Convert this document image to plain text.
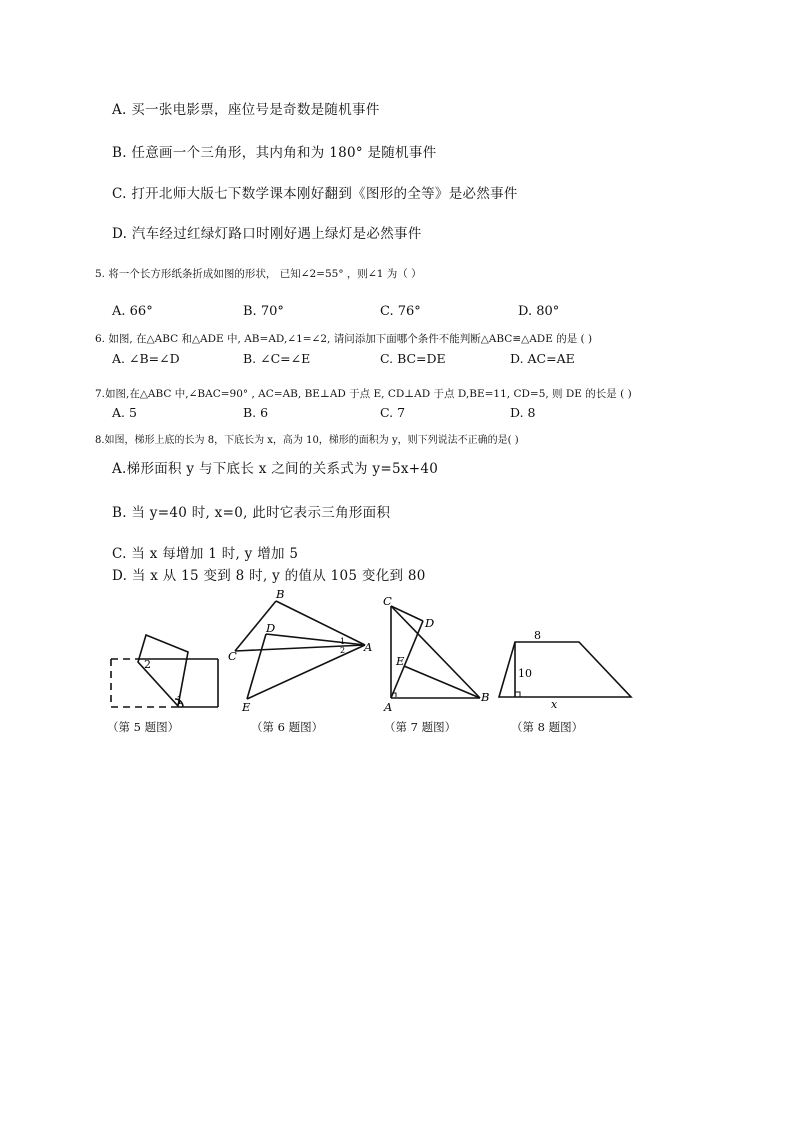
A. 买一张电影票，座位号是奇数是随机事件
B. 任意画一个三角形，其内角和为 180° 是随机事件
C. 打开北师大版七下数学课本刚好翻到《图形的全等》是必然事件
D. 汽车经过红绿灯路口时刚好遇上绿灯是必然事件
5. 将一个长方形纸条折成如图的形状， 已知∠2=55° ，则∠1 为（ ）
A. 66°	B. 70°	C. 76°	D. 80°
6. 如图, 在△ABC 和△ADE 中, AB=AD,∠1=∠2, 请问添加下面哪个条件不能判断△ABC≌△ADE 的是 ( )
A. ∠B=∠D	B. ∠C=∠E	C. BC=DE	D. AC=AE
7.如图,在△ABC 中,∠BAC=90° , AC=AB, BE⊥AD 于点 E, CD⊥AD 于点 D,BE=11, CD=5, 则 DE 的长是 ( )
A. 5	B. 6	C. 7	D. 8
8.如图，梯形上底的长为 8，下底长为 x，高为 10，梯形的面积为 y，则下列说法不正确的是( )
A.梯形面积 y 与下底长 x 之间的关系式为 y=5x+40
B. 当 y=40 时, x=0, 此时它表示三角形面积
C. 当 x 每增加 1 时, y 增加 5
D. 当 x 从 15 变到 8 时, y 的值从 105 变化到 80
2
1
B
D
C
E
A
1
2
C
D
E
A
B
8
10
x
（第 5 题图）	（第 6 题图）	（第 7 题图）	（第 8 题图）
